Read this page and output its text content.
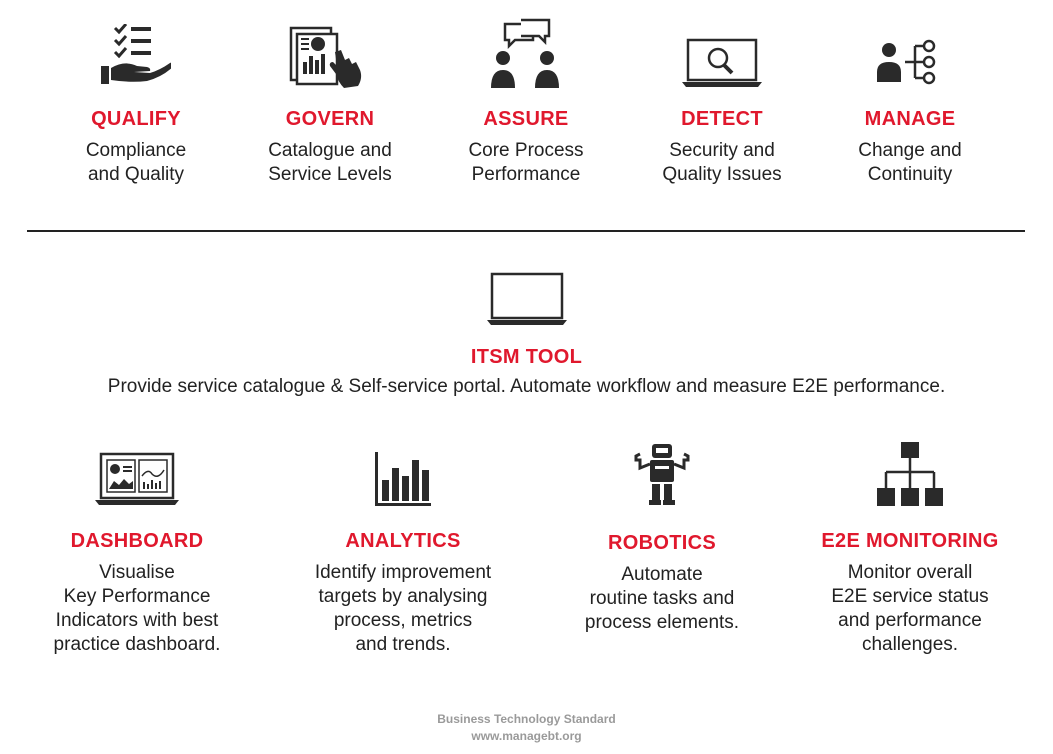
QUALIFY
Compliance
and Quality
GOVERN
Catalogue and
Service Levels
ASSURE
Core Process
Performance
DETECT
Security and
Quality Issues
MANAGE
Change and
Continuity
ITSM TOOL
Provide service catalogue & Self-service portal. Automate workflow and measure E2E performance.
DASHBOARD
Visualise
Key Performance
Indicators with best
practice dashboard.
ANALYTICS
Identify improvement
targets by analysing
process, metrics
and trends.
ROBOTICS
Automate
routine tasks and
process elements.
E2E MONITORING
Monitor overall
E2E service status
and performance
challenges.
Business Technology Standard
www.managebt.org
